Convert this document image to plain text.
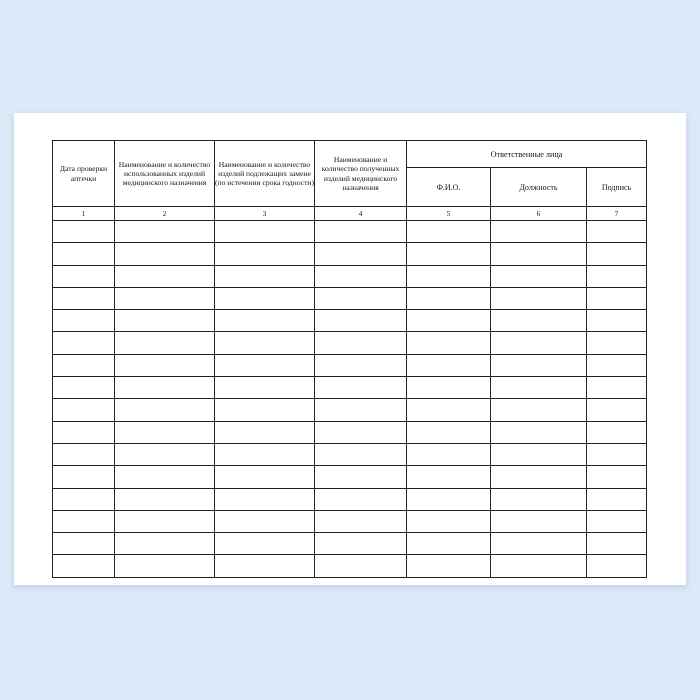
Дата проверки аптечки	Наименование и количество использованных изделий медицинского назначения	Наименование и количество изделий подлежащих замене (по истечении срока годности)	Наименование и количество полученных изделий медицинского назначения	Ответственные лица		
				Ф.И.О.	Должность	Подпись
1	2	3	4	5	6	7
